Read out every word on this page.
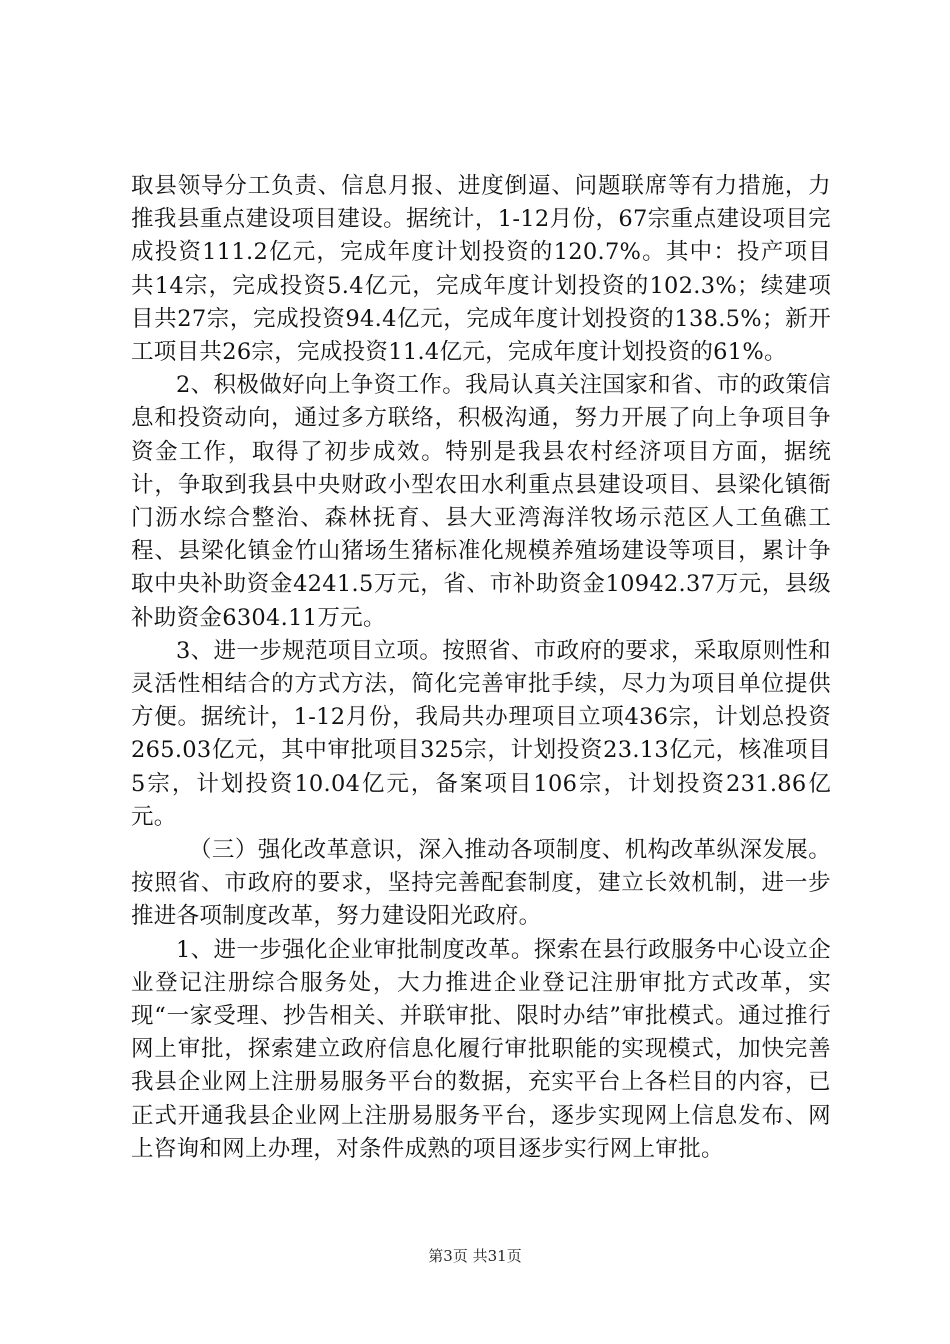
取县领导分工负责、信息月报、进度倒逼、问题联席等有力措施，力推我县重点建设项目建设。据统计，1-12月份，67宗重点建设项目完成投资111.2亿元，完成年度计划投资的120.7%。其中：投产项目共14宗，完成投资5.4亿元，完成年度计划投资的102.3%；续建项目共27宗，完成投资94.4亿元，完成年度计划投资的138.5%；新开工项目共26宗，完成投资11.4亿元，完成年度计划投资的61%。

2、积极做好向上争资工作。我局认真关注国家和省、市的政策信息和投资动向，通过多方联络，积极沟通，努力开展了向上争项目争资金工作，取得了初步成效。特别是我县农村经济项目方面，据统计，争取到我县中央财政小型农田水利重点县建设项目、县梁化镇衙门沥水综合整治、森林抚育、县大亚湾海洋牧场示范区人工鱼礁工程、县梁化镇金竹山猪场生猪标准化规模养殖场建设等项目，累计争取中央补助资金4241.5万元，省、市补助资金10942.37万元，县级补助资金6304.11万元。

3、进一步规范项目立项。按照省、市政府的要求，采取原则性和灵活性相结合的方式方法，简化完善审批手续，尽力为项目单位提供方便。据统计，1-12月份，我局共办理项目立项436宗，计划总投资265.03亿元，其中审批项目325宗，计划投资23.13亿元，核准项目5宗，计划投资10.04亿元，备案项目106宗，计划投资231.86亿元。

（三）强化改革意识，深入推动各项制度、机构改革纵深发展。按照省、市政府的要求，坚持完善配套制度，建立长效机制，进一步推进各项制度改革，努力建设阳光政府。

1、进一步强化企业审批制度改革。探索在县行政服务中心设立企业登记注册综合服务处，大力推进企业登记注册审批方式改革，实现“一家受理、抄告相关、并联审批、限时办结”审批模式。通过推行网上审批，探索建立政府信息化履行审批职能的实现模式，加快完善我县企业网上注册易服务平台的数据，充实平台上各栏目的内容，已正式开通我县企业网上注册易服务平台，逐步实现网上信息发布、网上咨询和网上办理，对条件成熟的项目逐步实行网上审批。

第3页 共31页
